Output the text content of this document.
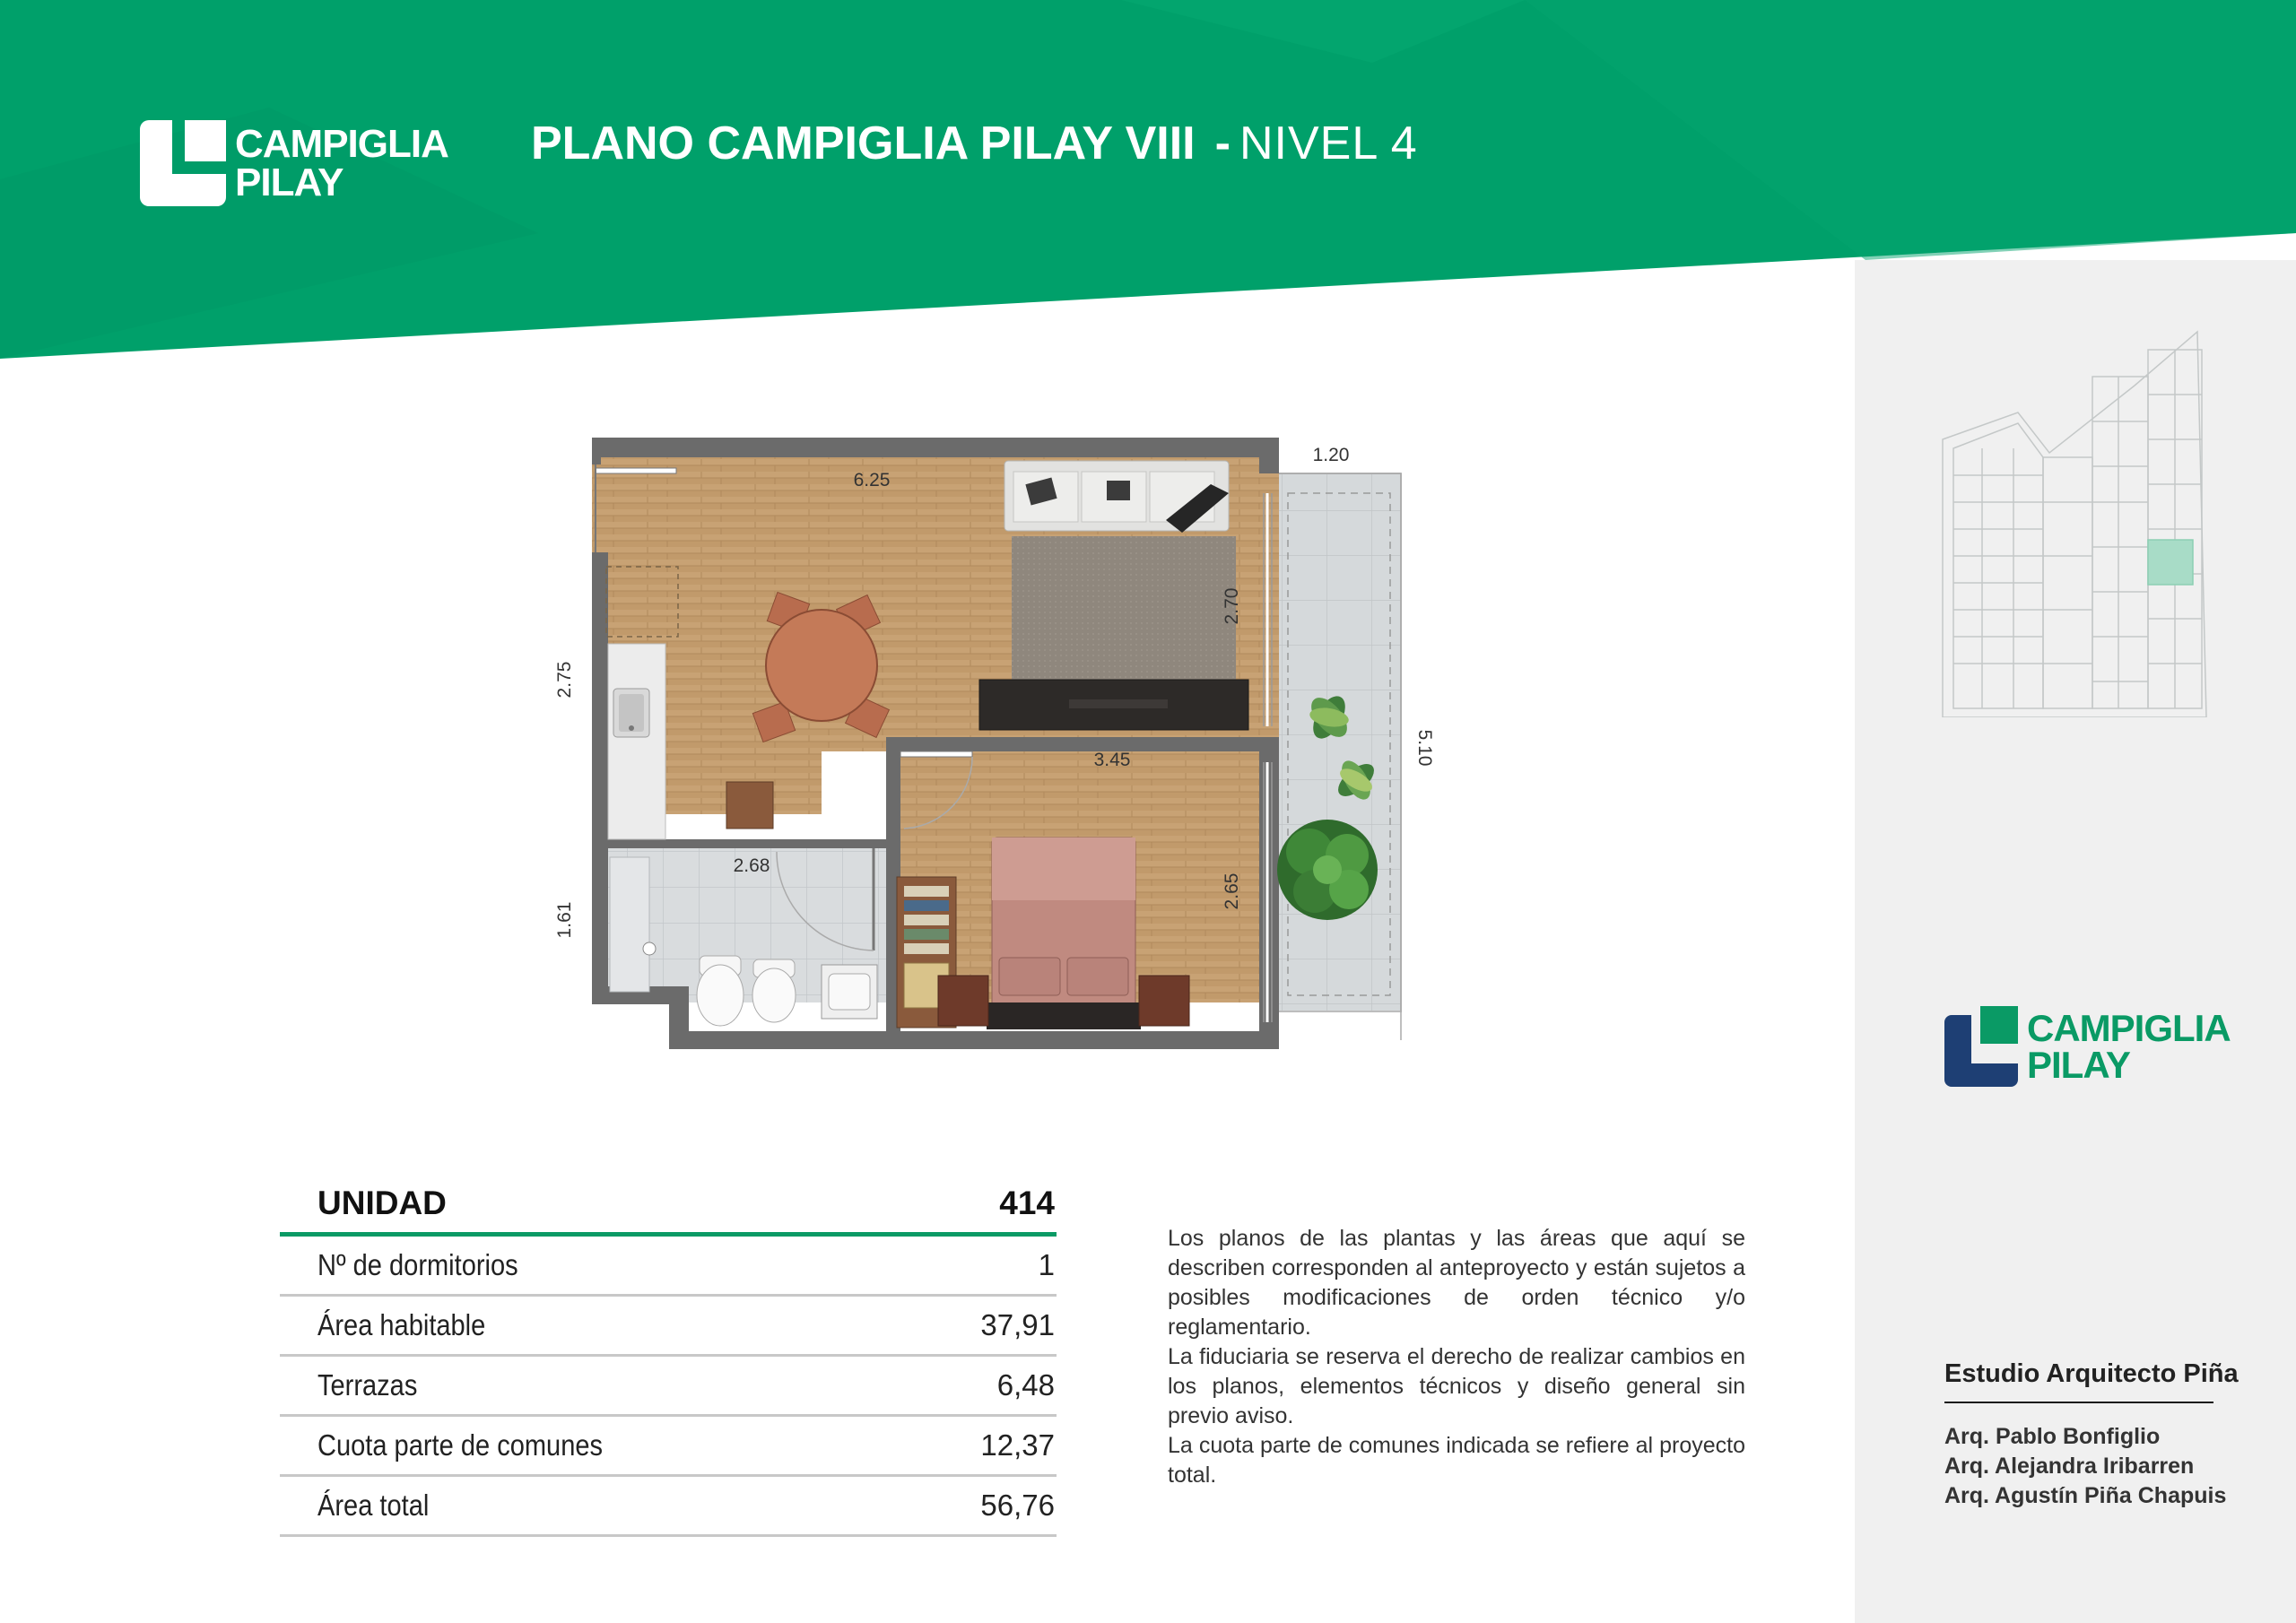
CAMPIGLIA
PILAY
PLANO CAMPIGLIA PILAY VIII - NIVEL 4
CAMPIGLIA
PILAY
Estudio Arquitecto Piña
Arq. Pablo Bonfiglio
Arq. Alejandra Iribarren
Arq. Agustín Piña Chapuis
6.25
1.20
2.70
2.75
5.10
3.45
2.68
1.61
2.65
UNIDAD	414
Nº de dormitorios	1
Área habitable	37,91
Terrazas	6,48
Cuota parte de comunes	12,37
Área total	56,76

Los planos de las plantas y las áreas que aquí se describen corresponden al anteproyecto y están sujetos a posibles modificaciones de orden técnico y/o reglamentario.

La fiduciaria se reserva el derecho de realizar cambios en los planos, elementos técnicos y diseño general sin previo aviso.

La cuota parte de comunes indicada se refiere al proyecto total.
